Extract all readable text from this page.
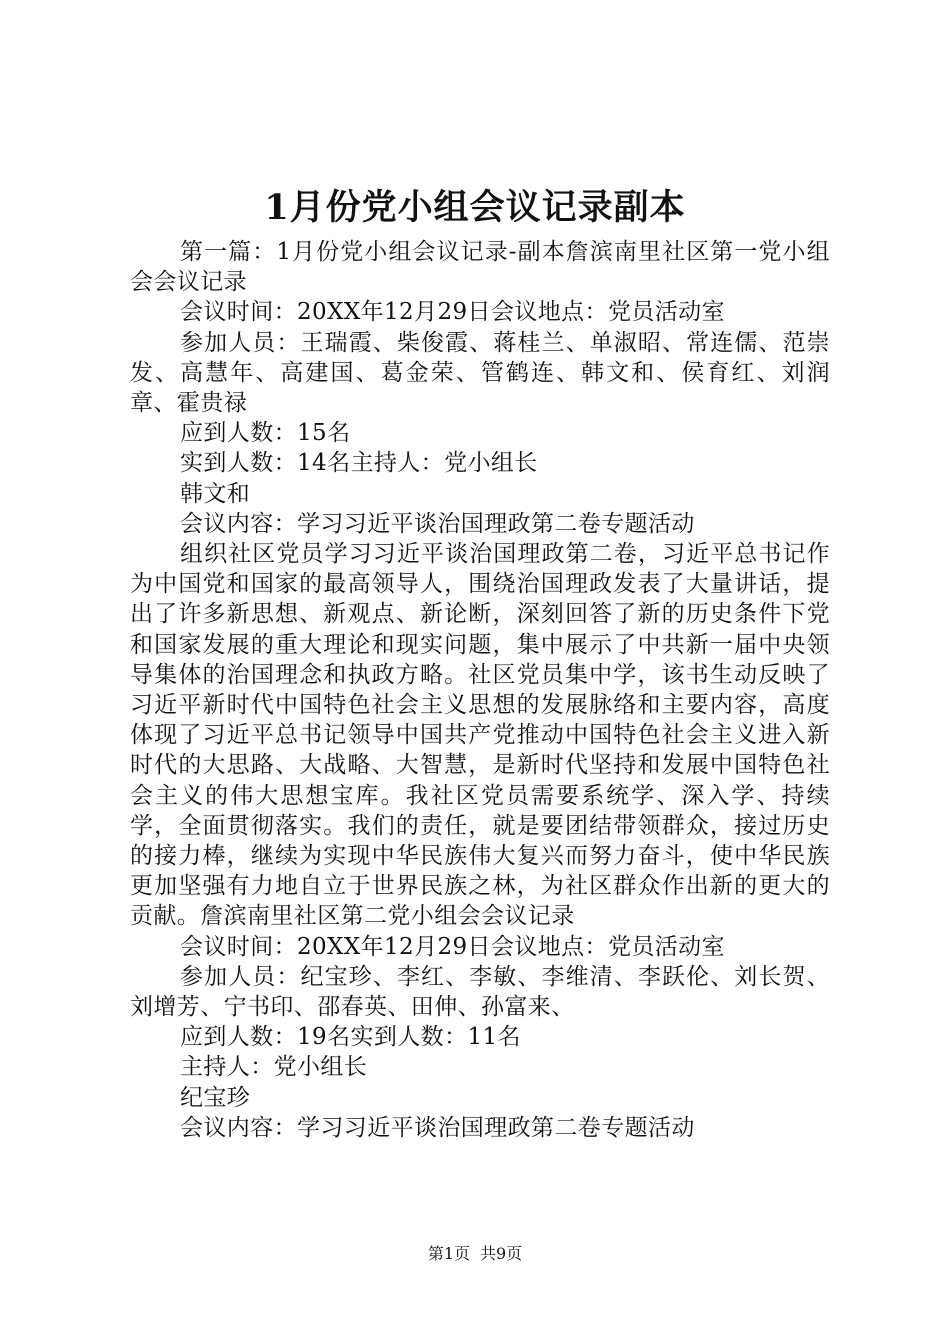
1月份党小组会议记录副本

第一篇：1月份党小组会议记录-副本詹滨南里社区第一党小组会会议记录

会议时间：20XX年12月29日会议地点：党员活动室

参加人员：王瑞霞、柴俊霞、蒋桂兰、单淑昭、常连儒、范崇发、高慧年、高建国、葛金荣、管鹤连、韩文和、侯育红、刘润章、霍贵禄

应到人数：15名

实到人数：14名主持人：党小组长

韩文和

会议内容：学习习近平谈治国理政第二卷专题活动

组织社区党员学习习近平谈治国理政第二卷，习近平总书记作为中国党和国家的最高领导人，围绕治国理政发表了大量讲话，提出了许多新思想、新观点、新论断，深刻回答了新的历史条件下党和国家发展的重大理论和现实问题，集中展示了中共新一届中央领导集体的治国理念和执政方略。社区党员集中学，该书生动反映了习近平新时代中国特色社会主义思想的发展脉络和主要内容，高度体现了习近平总书记领导中国共产党推动中国特色社会主义进入新时代的大思路、大战略、大智慧，是新时代坚持和发展中国特色社会主义的伟大思想宝库。我社区党员需要系统学、深入学、持续学，全面贯彻落实。我们的责任，就是要团结带领群众，接过历史的接力棒，继续为实现中华民族伟大复兴而努力奋斗，使中华民族更加坚强有力地自立于世界民族之林，为社区群众作出新的更大的贡献。詹滨南里社区第二党小组会会议记录

会议时间：20XX年12月29日会议地点：党员活动室

参加人员：纪宝珍、李红、李敏、李维清、李跃伦、刘长贺、刘增芳、宁书印、邵春英、田伸、孙富来、

应到人数：19名实到人数：11名

主持人：党小组长

纪宝珍

会议内容：学习习近平谈治国理政第二卷专题活动

第1页 共9页
